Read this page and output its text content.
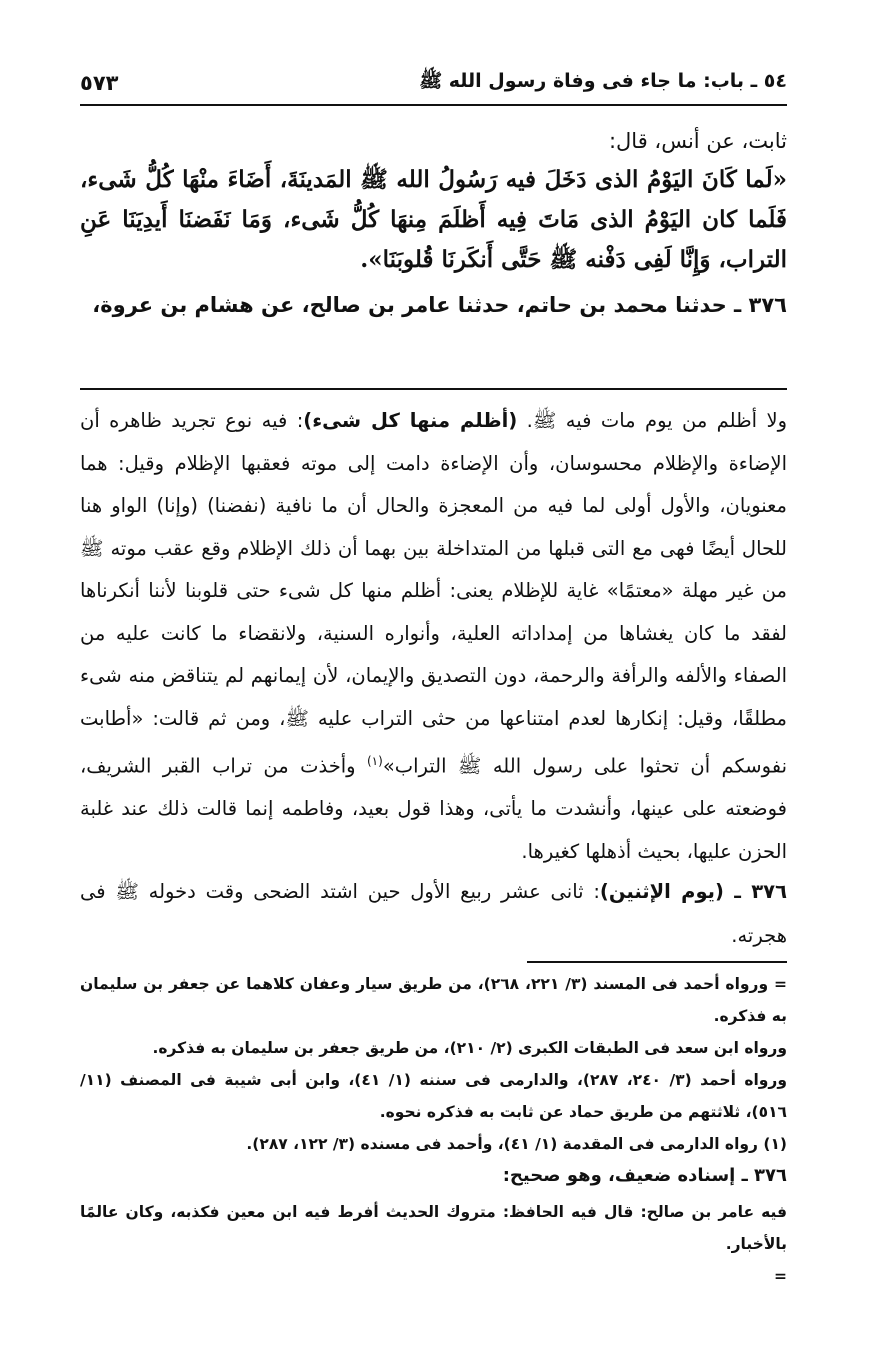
٥٤ ـ باب: ما جاء فى وفاة رسول الله ﷺ
٥٧٣

ثابت، عن أنس، قال:

«لَما كَانَ اليَوْمُ الذى دَخَلَ فيه رَسُولُ الله ﷺ المَدينَةَ، أَضَاءَ منْهَا كُلُّ شَىء، فَلَما كان اليَوْمُ الذى مَاتَ فِيه أَظلَمَ مِنهَا كُلُّ شَىء، وَمَا نَفَضنَا أَيدِيَنَا عَنِ التراب، وَإِنَّا لَفِى دَفْنه ﷺ حَتَّى أَنكَرنَا قُلوبَنَا».

٣٧٦ ـ حدثنا محمد بن حاتم، حدثنا عامر بن صالح، عن هشام بن عروة،

ولا أظلم من يوم مات فيه ﷺ. (أظلم منها كل شىء): فيه نوع تجريد ظاهره أن الإضاءة والإظلام محسوسان، وأن الإضاءة دامت إلى موته فعقبها الإظلام وقيل: هما معنويان، والأول أولى لما فيه من المعجزة والحال أن ما نافية (نفضنا) (وإنا) الواو هنا للحال أيضًا فهى مع التى قبلها من المتداخلة بين بهما أن ذلك الإظلام وقع عقب موته ﷺ من غير مهلة «معتمًا» غاية للإظلام يعنى: أظلم منها كل شىء حتى قلوبنا لأننا أنكرناها لفقد ما كان يغشاها من إمداداته العلية، وأنواره السنية، ولانقضاء ما كانت عليه من الصفاء والألفه والرأفة والرحمة، دون التصديق والإيمان، لأن إيمانهم لم يتناقض منه شىء مطلقًا، وقيل: إنكارها لعدم امتناعها من حثى التراب عليه ﷺ، ومن ثم قالت: «أطابت نفوسكم أن تحثوا على رسول الله ﷺ التراب»$^{(١)}$ وأخذت من تراب القبر الشريف، فوضعته على عينها، وأنشدت ما يأتى، وهذا قول بعيد، وفاطمه إنما قالت ذلك عند غلبة الحزن عليها، بحيث أذهلها كغيرها.

٣٧٦ ـ (يوم الإثنين): ثانى عشر ربيع الأول حين اشتد الضحى وقت دخوله ﷺ فى هجرته.

= ورواه أحمد فى المسند (٣/ ٢٢١، ٢٦٨)، من طريق سيار وعفان كلاهما عن جعفر بن سليمان به فذكره.

ورواه ابن سعد فى الطبقات الكبرى (٢/ ٢١٠)، من طريق جعفر بن سليمان به فذكره.

ورواه أحمد (٣/ ٢٤٠، ٢٨٧)، والدارمى فى سننه (١/ ٤١)، وابن أبى شيبة فى المصنف (١١/ ٥١٦)، ثلاثتهم من طريق حماد عن ثابت به فذكره نحوه.

(١) رواه الدارمى فى المقدمة (١/ ٤١)، وأحمد فى مسنده (٣/ ١٢٢، ٢٨٧).

٣٧٦ ـ إسناده ضعيف، وهو صحيح:

فيه عامر بن صالح: قال فيه الحافظ: متروك الحديث أفرط فيه ابن معين فكذبه، وكان عالمًا بالأخبار.

=
